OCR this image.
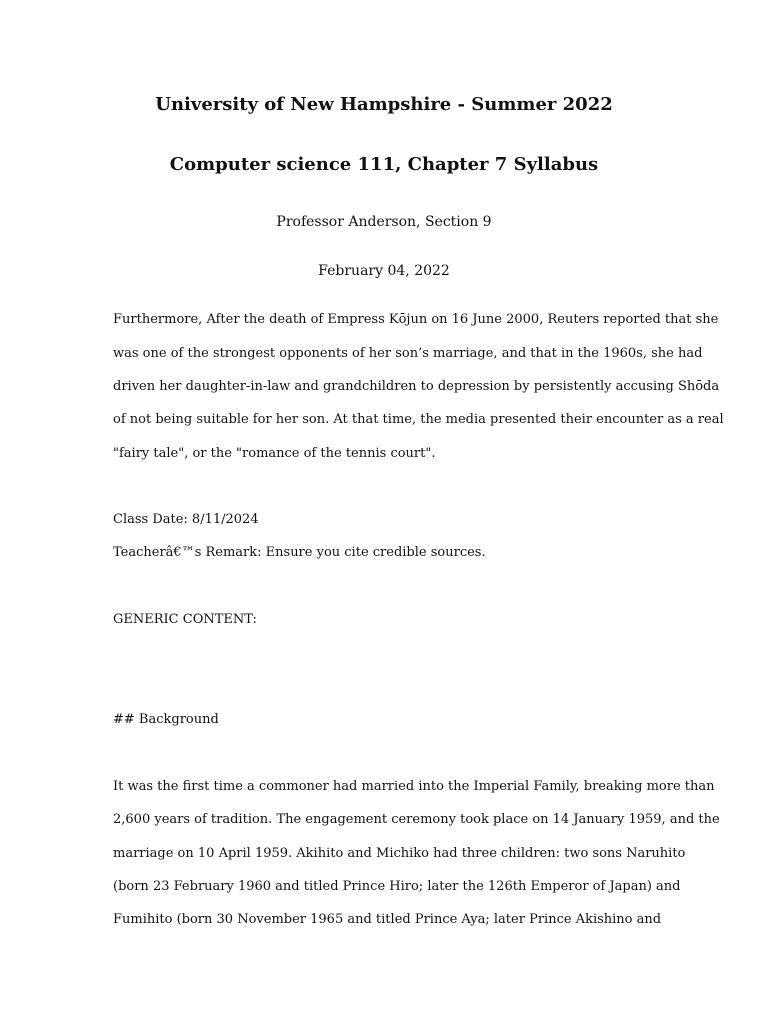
University of New Hampshire - Summer 2022
Computer science 111, Chapter 7 Syllabus
Professor Anderson, Section 9
February 04, 2022
Furthermore, After the death of Empress Kōjun on 16 June 2000, Reuters reported that she
was one of the strongest opponents of her son’s marriage, and that in the 1960s, she had
driven her daughter-in-law and grandchildren to depression by persistently accusing Shōda
of not being suitable for her son. At that time, the media presented their encounter as a real
"fairy tale", or the "romance of the tennis court".
Class Date: 8/11/2024
Teacherâ€™s Remark: Ensure you cite credible sources.
GENERIC CONTENT:
## Background
It was the first time a commoner had married into the Imperial Family, breaking more than
2,600 years of tradition. The engagement ceremony took place on 14 January 1959, and the
marriage on 10 April 1959. Akihito and Michiko had three children: two sons Naruhito
(born 23 February 1960 and titled Prince Hiro; later the 126th Emperor of Japan) and
Fumihito (born 30 November 1965 and titled Prince Aya; later Prince Akishino and
